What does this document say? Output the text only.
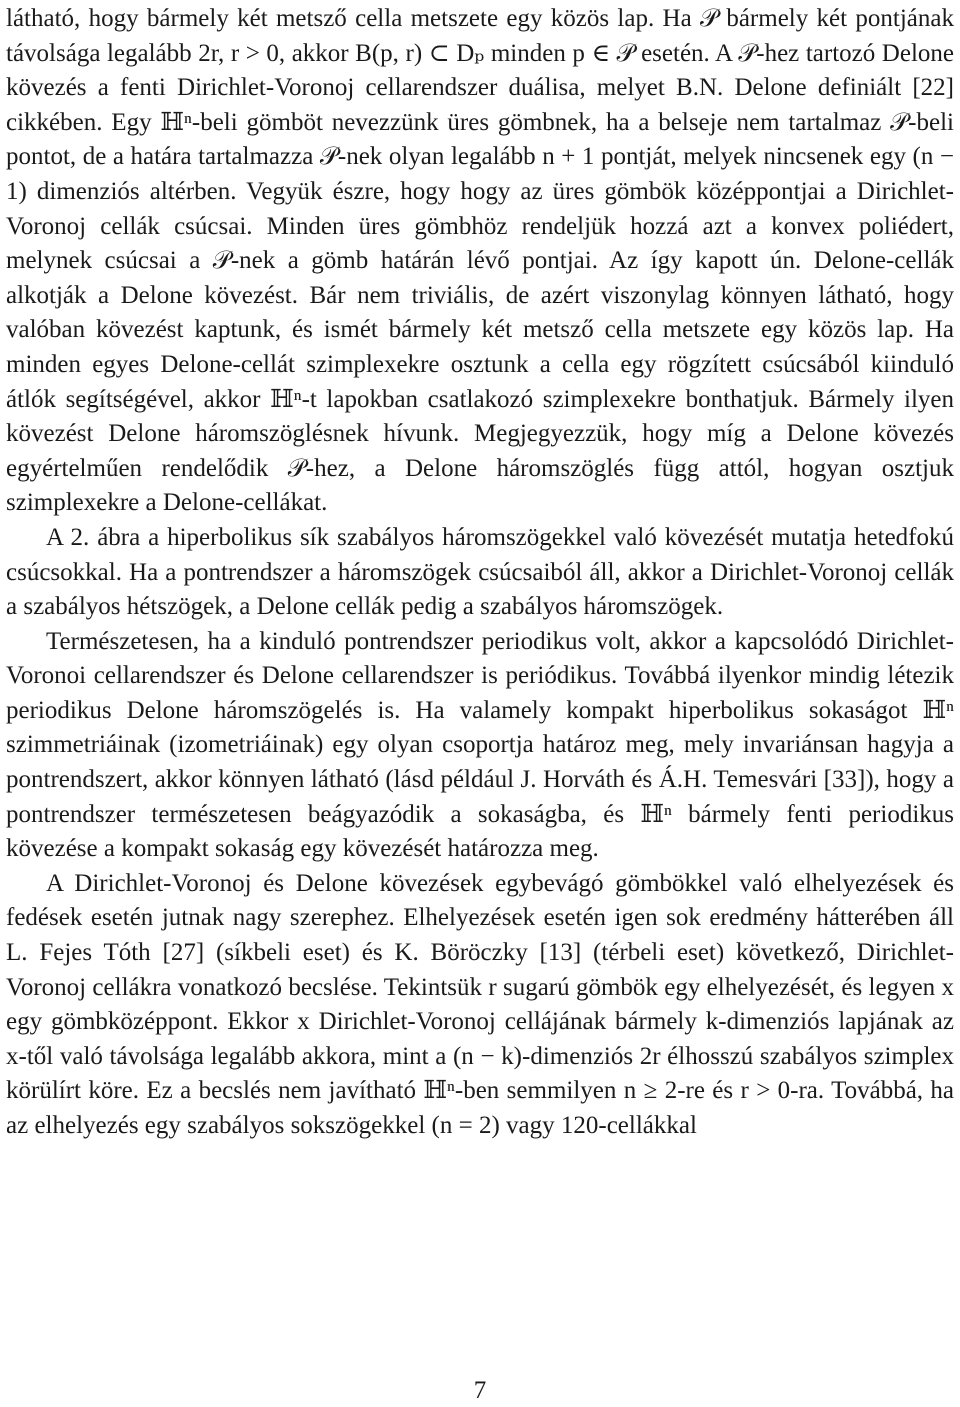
látható, hogy bármely két metsző cella metszete egy közös lap. Ha 𝒫 bármely két pontjának távolsága legalább 2r, r > 0, akkor B(p, r) ⊂ Dₚ minden p ∈ 𝒫 esetén. A 𝒫-hez tartozó Delone kövezés a fenti Dirichlet-Voronoj cellarendszer duálisa, melyet B.N. Delone definiált [22] cikkében. Egy ℍⁿ-beli gömböt nevezzünk üres gömbnek, ha a belseje nem tartalmaz 𝒫-beli pontot, de a határa tartalmazza 𝒫-nek olyan legalább n + 1 pontját, melyek nincsenek egy (n − 1) dimenziós altérben. Vegyük észre, hogy hogy az üres gömbök középpontjai a Dirichlet-Voronoj cellák csúcsai. Minden üres gömbhöz rendeljük hozzá azt a konvex poliédert, melynek csúcsai a 𝒫-nek a gömb határán lévő pontjai. Az így kapott ún. Delone-cellák alkotják a Delone kövezést. Bár nem triviális, de azért viszonylag könnyen látható, hogy valóban kövezést kaptunk, és ismét bármely két metsző cella metszete egy közös lap. Ha minden egyes Delone-cellát szimplexekre osztunk a cella egy rögzített csúcsából kiinduló átlók segítségével, akkor ℍⁿ-t lapokban csatlakozó szimplexekre bonthatjuk. Bármely ilyen kövezést Delone háromszöglésnek hívunk. Megjegyezzük, hogy míg a Delone kövezés egyértelműen rendelődik 𝒫-hez, a Delone háromszöglés függ attól, hogyan osztjuk szimplexekre a Delone-cellákat.

A 2. ábra a hiperbolikus sík szabályos háromszögekkel való kövezését mutatja hetedfokú csúcsokkal. Ha a pontrendszer a háromszögek csúcsaiból áll, akkor a Dirichlet-Voronoj cellák a szabályos hétszögek, a Delone cellák pedig a szabályos háromszögek.

Természetesen, ha a kinduló pontrendszer periodikus volt, akkor a kapcsolódó Dirichlet-Voronoi cellarendszer és Delone cellarendszer is periódikus. Továbbá ilyenkor mindig létezik periodikus Delone háromszögelés is. Ha valamely kompakt hiperbolikus sokaságot ℍⁿ szimmetriáinak (izometriáinak) egy olyan csoportja határoz meg, mely invariánsan hagyja a pontrendszert, akkor könnyen látható (lásd például J. Horváth és Á.H. Temesvári [33]), hogy a pontrendszer természetesen beágyazódik a sokaságba, és ℍⁿ bármely fenti periodikus kövezése a kompakt sokaság egy kövezését határozza meg.

A Dirichlet-Voronoj és Delone kövezések egybevágó gömbökkel való elhelyezések és fedések esetén jutnak nagy szerephez. Elhelyezések esetén igen sok eredmény hátterében áll L. Fejes Tóth [27] (síkbeli eset) és K. Böröczky [13] (térbeli eset) következő, Dirichlet-Voronoj cellákra vonatkozó becslése. Tekintsük r sugarú gömbök egy elhelyezését, és legyen x egy gömbközéppont. Ekkor x Dirichlet-Voronoj cellájának bármely k-dimenziós lapjának az x-től való távolsága legalább akkora, mint a (n − k)-dimenziós 2r élhosszú szabályos szimplex körülírt köre. Ez a becslés nem javítható ℍⁿ-ben semmilyen n ≥ 2-re és r > 0-ra. Továbbá, ha az elhelyezés egy szabályos sokszögekkel (n = 2) vagy 120-cellákkal

7
